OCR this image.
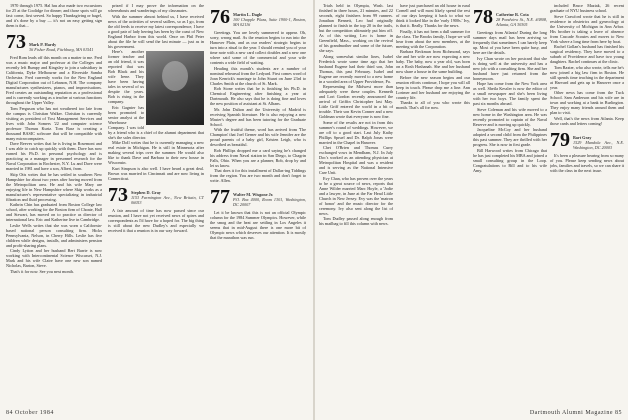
1970 through 1975. Hal has also made two excursions for 25 at the Coolidge for dinner; and those spots will go fast: come, first served. So happy Thanksgiving or bagel, and it's done by a buy — it's not an easy getting sign them is that...

73 Mark P. Hardy
36 Fisher Road, Fitchburg, MA 01541

Fred Rom leads off this month on a matter to me. Fred was a music major and professor at the Colleges and recently left Bumpy and Kingsley to join a subsidiary in California, Dyke Melbourne and a Riverside Samba Orchestra. Fred currently works for the New England Digital Corporation out of Lebanon, N.H. The company manufactures synthesizers, pianos, and improvisations. Fred creates an outstanding reputation as a professional and is currently working as a teacher at various functions throughout the Upper Valley.

Tom Ferguson who has not weathered too late from the campus is Christian Walker. Christian is currently visiting as president of Yost Management Services and lives with John Somers '22 and computer science professor Thomas Kurtz. Tom Barz is creating a thousand BASIC software that will be compatible with many microcomputers.

Dave Reeves writes that he is living in Rosemont and I was able to catch up quickly with them. Dave has now earned his Ph.D. in personal psychology and is practicing as a manager in personnel research for the Naval Corporation in Rochester, N.Y. Lu and Dave were married in 1981 and have a son, Albert, from.

Skip Otis writes that he has settled in southern New Hampshire for about two years after having moved from the Metropolitan area. He and his wife Mary are enjoying life in New Hampshire where Skip works as a manufacturer's representative specializing in industrial filtration and fluid processing.

Kathrin Chin has graduated from Boston College law school, after working for the Boston firm of Choate, Hall and Stewart, has moved on to practice as director of international law. Eric and Katherine live in Cambridge.

Leslie Wells writes that she was worn a California-based national person consulting firm. Hicks Pennsylvania, Nelson, in Cherry Hills. Leslie has five children while designs, installs, and administers pension and profit-sharing plans.

Cindy Lytton and her husband Bert Barrie is now working with Intercontinental Science Wiscasset, N.J. Mark and his wife Claire have one new son named Nicholas, Barton, Steve.

That's it for now. See you next month.

prized if I may prove the information on the whereabouts and wanderings of my classmates.

With the summer almost behind us, I have received news of the activities of several saillers, so as I go, from the old feeds to receive my latest correspondence, I have a good pair of lady herring has been by the coast of New England Harbor from this world. Once on Phil Peter about the file he will send the last minute — just as in his government.

Here's another former teacher and an old friend, it was reported that was Bob Black and his wife Irene. They have been having tales in several of us despite the years. Bob is rising in the company.

Eric Gagnier has been promoted to senior analyst at the Warehouse Company. I was told by a friend who is a chief of the alumni department that she's the sales director.

Mike Doll writes that he is currently managing a new real estate in Michigan. He is still in Minnesota after making several trips over the summer. He would also like to thank Dave and Barbara to their new house in Wisconsin.

Kurt Simpson is also well. I have heard a great deal. Brown was married in Cincinnati and are now living in Connecticut.

73 Stephen D. Gray
1153 Farmington Ave., New Britain, CT 06053

A fair amount of time has now passed since our reunion, and I have not yet received news of spires and correspondents as I'd have for a hoped for. The big thing is still about the new Dudley's and especially we received it that a reunion is in our way forward.

76 Martin L. Dagle
100 Chapple Plaza, Suite 1900-1, Boston, MA 02116

Greetings. You are lovely summered to appear. Oh, sorry, wrong mail. As the reunion begins to run into the Hanover Plain, and as our readers' strategic begins to turn into a ritual to the year. I should remind you of your time note with a new card collect doubles and a new one where said some of the commercial and your wife contents a wide field of waiting.

Heading this month's students are a number of nominal rehearsal from the Ledyard. First comes word of Joan Kenrick's marriage to John Stuart on June 23rd to Charles Smith at the church of St. Mark.

Rob Stone writes that he is finishing his Ph.D. in Chemical Engineering after finishing a year at Dartmouth. He also says that he is doing fine and loves the new position of assistant at St. Albans.

Mr. John Dalton and the University of Madrid is receiving Spanish literature. He is also enjoying a new Master's degree and has been tutoring for the Graduate School.

With the fruitful theme, word has arrived from 'The Champion' that Joel Gerner and his wife Jennifer are the proud parents of a baby girl, Kristen Leigh, who is described as beautiful.

Rob Phillips dropped me a card saying he's changed his address from Naval station in San Diego, to Chagrin Falls, Ohio. When you are a planner, Rob, drop by and let us know.

That does it for this installment of Dallas-ing Tiddings from the region. You are two month and don't forget to write. Allen.

77 Walter M. Wisgone Jr.
P.O. Box 4000, Room 1301, Washington, DC 20007

Let it be known that this is not an official Olympic column for the 1984 Summer Olympics. However, while the smog and the heat are settling in Los Angeles it seems that in mid-August there is one more bit of Olympic news which deserves our attention. It is mostly that the marathon was run.

84 October 1984

Trials held in Olympia, Wash. last finished in three hours, 21 minutes, and 22 seconds, eight finishers from 99 runners. Jonathan Bennett, Leo had originally planned to finish in the top 20 in the trails, but the competition ultimately put him off. As of this writing Leo is home in Greenfield, Mass., working on the revival of his grandmother and some of the future, she says.

Along somewhat similar lines, Isabel Frederick wrote some time ago that her husband Eugene had their third son, John Thomas, this past February. Isabel and Eugene are recently moved to a new home in a wooded area of Upper Providence, Pa.

Representing the Midwest more than adequately were these couples. Kenneth and Lori Gordon recently announced the arrival of Griffin Christopher last May. Little Griff entered the world in a bit of trouble. Their son Kevin Conner and a new Goldman wrote that everyone is now fine.

Some of the results are not in from this summer's round of weddings. However, we are off to a good start. Last July Kathy Phillips Spruel and Dr. Ralph Jonas were married in the Chapel in Hanover.

Chet O'Brien and Thomas Curry exchanged vows in Mendham, N.J. In July Doc's worked as an attending physician at Metropolitan Hospital and was a resident and is serving as the National Intensive Care Unit.

Evy Chan, who has proven over the years to be a great source of news, reports that Anne Wilder married Marc Hoyle, a 'Jodie and a lawyer, in June at the Far Head Little Church in New Jersey. Evy was the 'matron of honor' and the music director for the ceremony. Ivy also sent along the list of news.

Tom Dudley passed along enough from his mailbag to fill this column with news.

have just purchased an old house in rural Cornell and will most likely spend the rest of our days keeping it back to what we think it looked like in the 'early 1900s.' Ivy, is that it. Really. Thanks for the news.

Finally, it has not been a dull summer for the class. The Brooks family, I hope we will hear from about the new members, at the meeting with the Corporation.

Barbara Beckman from Richmond, says she and her wife are now expecting a new baby. The baby, now a year old, was born on a Rosh Hashanah. She and her husband now share a house in the same building.

Before the new season begins and our reunion efforts continue, I hope you will all keep in touch. Please drop me a line. Ann Lorimer and her husband are enjoying the country life.

Thanks to all of you who wrote this month. That's all for now.

78 Catherine R. Cota
28 Pondview St., N.E. #3808, Atlanta, GA 30305

Greetings from Atlanta! During the long summer days mail has been arriving so frequently that sometimes I can barely keep up. Most of you have been quite busy, and here are the details.

Ivy Chan wrote on her postcard that she is doing well at the university and has a new job with a consulting firm. She and her husband have just returned from the honeymoon.

Hope has come from the New York area as well. Sheila Kessler is now the editor of a small newspaper and she's been living with her two boys. The family spent the past six months abroad.

Steve Coleman and his wife moved to a new home in the Washington area. He was recently promoted to captain of the Naval Reserve and is moving up quickly.

Jacqueline McCoy and her husband adopted a second child from the Philippines this past summer. They are thrilled with her progress. She is now in first grade.

Bill Harwood writes from Chicago that he has just completed his MBA and joined a small consulting group in the Loop. Congratulations to Bill and to his wife Amy.

included Bruce Maziak, 26 recent graduate of NYU business school.

Steve Crawford wrote that he is still in residence in obstetrics and gynecology at the University of Michigan in Ann Arbor. His brother is taking a leave of absence from Cascade Scoutes and moves to New York where a long time from here by boat.

Rachel Gollan's husband has finished his surgical residency. They have moved to a suburb of Providence and have two young daughters. Rachel continues at the clinic.

Tom Baxter, who also wrote, tells me he's now joined a big law firm in Boston. He still spends time teaching in the department at Harvard and gets up to Hanover once a year.

Other news has come from the Tuck School. Sam Anderson and his wife are in town and working at a bank in Burlington. They enjoy many friends around them and plan to visit.

Well, that's the news from Atlanta. Keep those cards and letters coming!

79 Bart Gray
1529 Mandola Ave., N.E. Washington, DC 20003

It's been a pleasure hearing from so many of you. Please keep sending news about jobs, families and travels, so we can share it with the class in the next issue.

Dartmouth Alumni Magazine 85
